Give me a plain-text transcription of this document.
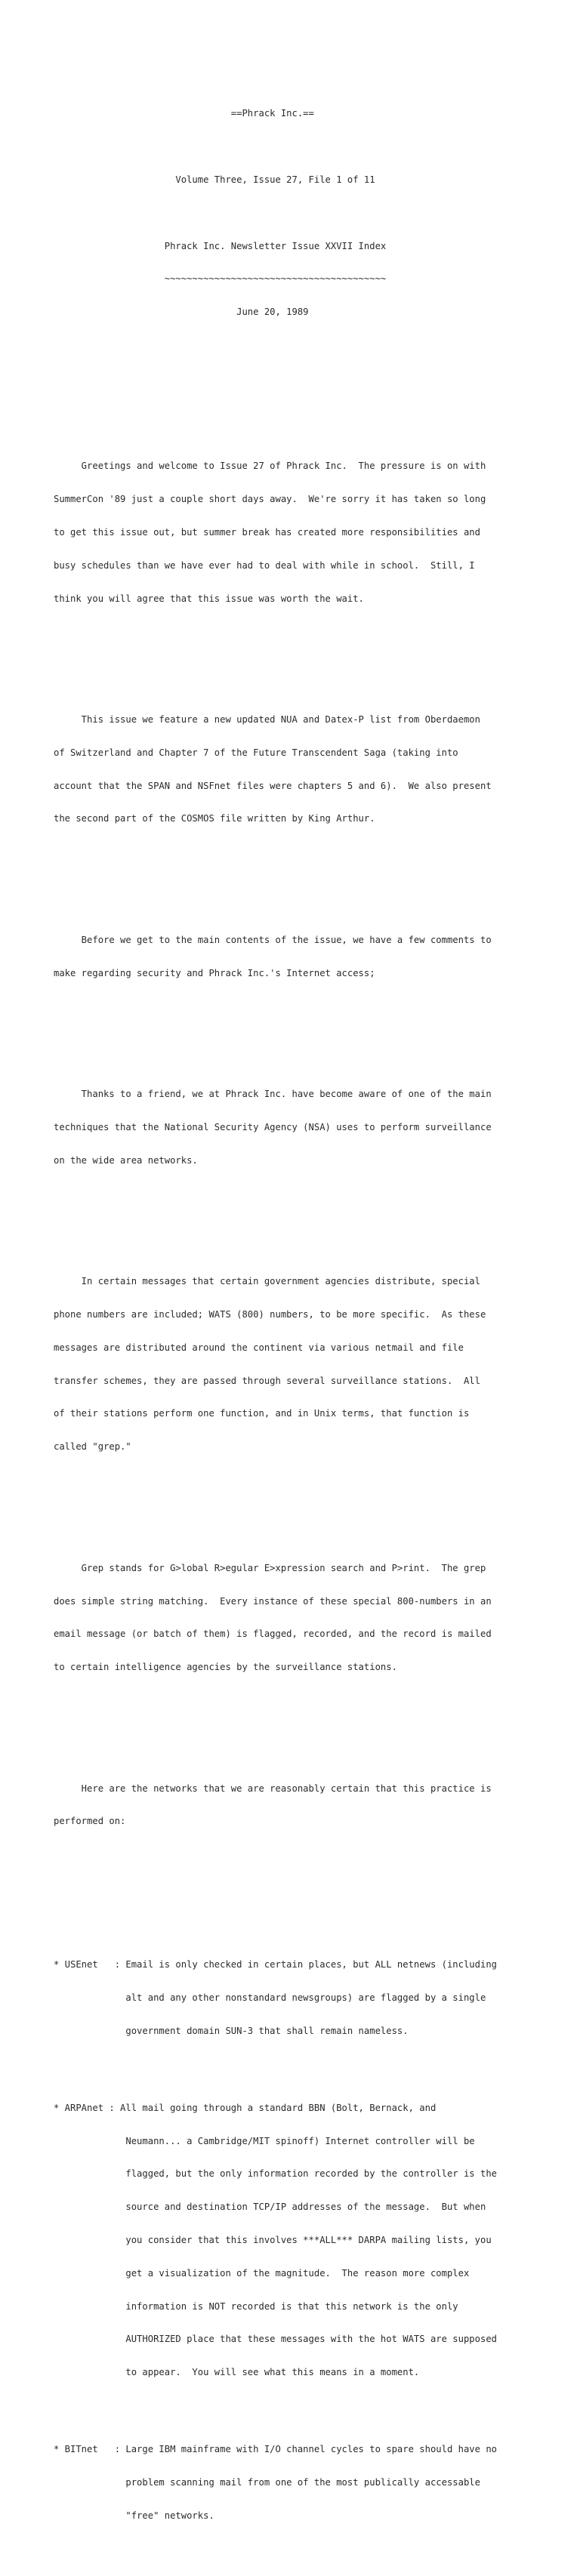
==Phrack Inc.==

Volume Three, Issue 27, File 1 of 11

Phrack Inc. Newsletter Issue XXVII Index

~~~~~~~~~~~~~~~~~~~~~~~~~~~~~~~~~~~~~~~~

June 20, 1989

Greetings and welcome to Issue 27 of Phrack Inc.  The pressure is on with

SummerCon '89 just a couple short days away.  We're sorry it has taken so long

to get this issue out, but summer break has created more responsibilities and

busy schedules than we have ever had to deal with while in school.  Still, I

think you will agree that this issue was worth the wait.

This issue we feature a new updated NUA and Datex-P list from Oberdaemon

of Switzerland and Chapter 7 of the Future Transcendent Saga (taking into

account that the SPAN and NSFnet files were chapters 5 and 6).  We also present

the second part of the COSMOS file written by King Arthur.

Before we get to the main contents of the issue, we have a few comments to

make regarding security and Phrack Inc.'s Internet access;

Thanks to a friend, we at Phrack Inc. have become aware of one of the main

techniques that the National Security Agency (NSA) uses to perform surveillance

on the wide area networks.

In certain messages that certain government agencies distribute, special

phone numbers are included; WATS (800) numbers, to be more specific.  As these

messages are distributed around the continent via various netmail and file

transfer schemes, they are passed through several surveillance stations.  All

of their stations perform one function, and in Unix terms, that function is

called "grep."

Grep stands for G>lobal R>egular E>xpression search and P>rint.  The grep

does simple string matching.  Every instance of these special 800-numbers in an

email message (or batch of them) is flagged, recorded, and the record is mailed

to certain intelligence agencies by the surveillance stations.

Here are the networks that we are reasonably certain that this practice is

performed on:

* USEnet   : Email is only checked in certain places, but ALL netnews (including

alt and any other nonstandard newsgroups) are flagged by a single

government domain SUN-3 that shall remain nameless.

* ARPAnet : All mail going through a standard BBN (Bolt, Bernack, and

Neumann... a Cambridge/MIT spinoff) Internet controller will be

flagged, but the only information recorded by the controller is the

source and destination TCP/IP addresses of the message.  But when

you consider that this involves ***ALL*** DARPA mailing lists, you

get a visualization of the magnitude.  The reason more complex

information is NOT recorded is that this network is the only

AUTHORIZED place that these messages with the hot WATS are supposed

to appear.  You will see what this means in a moment.

* BITnet   : Large IBM mainframe with I/O channel cycles to spare should have no

problem scanning mail from one of the most publically accessable

"free" networks.
